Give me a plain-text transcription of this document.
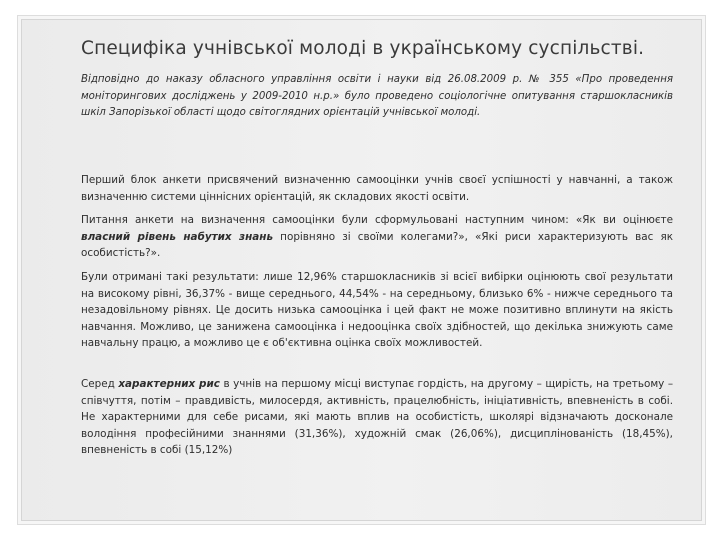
Специфіка учнівської молоді в українському суспільстві.

Відповідно до наказу обласного управління освіти і науки від 26.08.2009 р. № 355 «Про проведення моніторингових досліджень у 2009-2010 н.р.» було проведено соціологічне опитування старшокласників шкіл Запорізької області щодо світоглядних орієнтацій учнівської молоді.

Перший блок анкети присвячений визначенню самооцінки учнів своєї успішності у навчанні, а також визначенню системи ціннісних орієнтацій, як складових якості освіти.

Питання анкети на визначення самооцінки були сформульовані наступним чином: «Як ви оцінюєте власний рівень набутих знань порівняно зі своїми колегами?», «Які риси характеризують вас як особистість?».

Були отримані такі результати: лише 12,96% старшокласників зі всієї вибірки оцінюють свої результати на високому рівні, 36,37% - вище середнього, 44,54% - на середньому, близько 6% - нижче середнього та незадовільному рівнях. Це досить низька самооцінка і цей факт не може позитивно вплинути на якість навчання. Можливо, це занижена самооцінка і недооцінка своїх здібностей, що декілька знижують саме навчальну працю, а можливо це є об'єктивна оцінка своїх можливостей.

Серед характерних рис в учнів на першому місці виступає гордість, на другому – щирість, на третьому – співчуття, потім – правдивість, милосердя, активність, працелюбність, ініціативність, впевненість в собі. Не характерними для себе рисами, які мають вплив на особистість, школярі відзначають досконале володіння професійними знаннями (31,36%), художній смак (26,06%), дисциплінованість (18,45%), впевненість в собі (15,12%)
